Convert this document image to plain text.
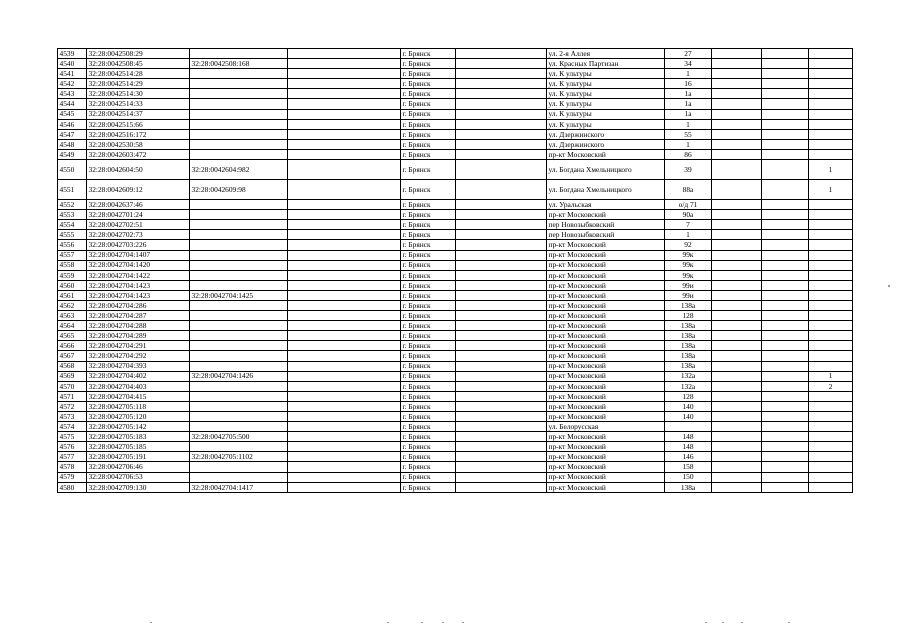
4539	32:28:0042508:29			г. Брянск		ул. 2-я Аллея	27			
4540	32:28:0042508:45	32:28:0042508:168		г. Брянск		ул. Красных Партизан	34			
4541	32:28:0042514:28			г. Брянск		ул. К ультуры	1			
4542	32:28:0042514:29			г. Брянск		ул. К ультуры	16			
4543	32:28:0042514:30			г. Брянск		ул. К ультуры	1а			
4544	32:28:0042514:33			г. Брянск		ул. К ультуры	1а			
4545	32:28:0042514:37			г. Брянск		ул. К ультуры	1а			
4546	32:28:0042515:66			г. Брянск		ул. К ультуры	1			
4547	32:28:0042516:172			г. Брянск		ул. Дзержинского	55			
4548	32:28:0042530:58			г. Брянск		ул. Дзержинского	1			
4549	32:28:0042603:472			г. Брянск		пр-кт Московский	86			
4550	32:28:0042604:50	32:28:0042604:982		г. Брянск		ул. Богдана Хмельницкого	39			1
4551	32:28:0042609:12	32:28:0042609:98		г. Брянск		ул. Богдана Хмельницкого	88а			1
4552	32:28:0042637:46			г. Брянск		ул. Уральская	о/д 71			
4553	32:28:0042701:24			г. Брянск		пр-кт Московский	90а			
4554	32:28:0042702:51			г. Брянск		пер Новозыбковский	7			
4555	32:28:0042702:73			г. Брянск		пер Новозыбковский	1			
4556	32:28:0042703:226			г. Брянск		пр-кт Московский	92			
4557	32:28:0042704:1407			г. Брянск		пр-кт Московский	99к			
4558	32:28:0042704:1420			г. Брянск		пр-кт Московский	99к			
4559	32:28:0042704:1422			г. Брянск		пр-кт Московский	99к			
4560	32:28:0042704:1423			г. Брянск		пр-кт Московский	99и			
4561	32:28:0042704:1423	32:28:0042704:1425		г. Брянск		пр-кт Московский	99и			
4562	32:28:0042704:286			г. Брянск		пр-кт Московский	138а			
4563	32:28:0042704:287			г. Брянск		пр-кт Московский	128			
4564	32:28:0042704:288			г. Брянск		пр-кт Московский	138а			
4565	32:28:0042704:289			г. Брянск		пр-кт Московский	138а			
4566	32:28:0042704:291			г. Брянск		пр-кт Московский	138а			
4567	32:28:0042704:292			г. Брянск		пр-кт Московский	138а			
4568	32:28:0042704:393			г. Брянск		пр-кт Московский	138а			
4569	32:28:0042704:402	32:28:0042704:1426		г. Брянск		пр-кт Московский	132а			1
4570	32:28:0042704:403			г. Брянск		пр-кт Московский	132а			2
4571	32:28:0042704:415			г. Брянск		пр-кт Московский	128			
4572	32:28:0042705:118			г. Брянск		пр-кт Московский	140			
4573	32:28:0042705:120			г. Брянск		пр-кт Московский	140			
4574	32:28:0042705:142			г. Брянск		ул. Белорусская				
4575	32:28:0042705:183	32:28:0042705:500		г. Брянск		пр-кт Московский	148			
4576	32:28:0042705:185			г. Брянск		пр-кт Московский	148			
4577	32:28:0042705:191	32:28:0042705:1102		г. Брянск		пр-кт Московский	146			
4578	32:28:0042706:46			г. Брянск		пр-кт Московский	158			
4579	32:28:0042706:53			г. Брянск		пр-кт Московский	150			
4580	32:28:0042709:130	32:28:0042704:1417		г. Брянск		пр-кт Московский	138а			
